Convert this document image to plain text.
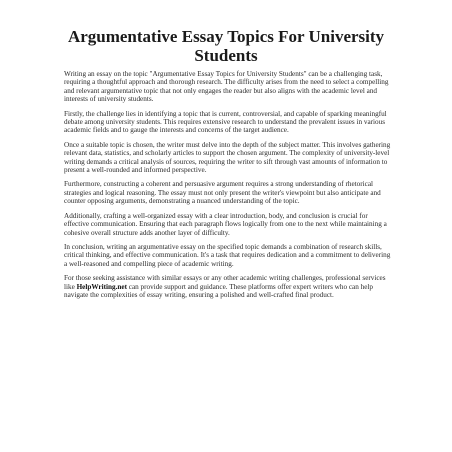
Argumentative Essay Topics For University Students

Writing an essay on the topic "Argumentative Essay Topics for University Students" can be a challenging task, requiring a thoughtful approach and thorough research. The difficulty arises from the need to select a compelling and relevant argumentative topic that not only engages the reader but also aligns with the academic level and interests of university students.

Firstly, the challenge lies in identifying a topic that is current, controversial, and capable of sparking meaningful debate among university students. This requires extensive research to understand the prevalent issues in various academic fields and to gauge the interests and concerns of the target audience.

Once a suitable topic is chosen, the writer must delve into the depth of the subject matter. This involves gathering relevant data, statistics, and scholarly articles to support the chosen argument. The complexity of university-level writing demands a critical analysis of sources, requiring the writer to sift through vast amounts of information to present a well-rounded and informed perspective.

Furthermore, constructing a coherent and persuasive argument requires a strong understanding of rhetorical strategies and logical reasoning. The essay must not only present the writer's viewpoint but also anticipate and counter opposing arguments, demonstrating a nuanced understanding of the topic.

Additionally, crafting a well-organized essay with a clear introduction, body, and conclusion is crucial for effective communication. Ensuring that each paragraph flows logically from one to the next while maintaining a cohesive overall structure adds another layer of difficulty.

In conclusion, writing an argumentative essay on the specified topic demands a combination of research skills, critical thinking, and effective communication. It's a task that requires dedication and a commitment to delivering a well-reasoned and compelling piece of academic writing.

For those seeking assistance with similar essays or any other academic writing challenges, professional services like HelpWriting.net can provide support and guidance. These platforms offer expert writers who can help navigate the complexities of essay writing, ensuring a polished and well-crafted final product.
